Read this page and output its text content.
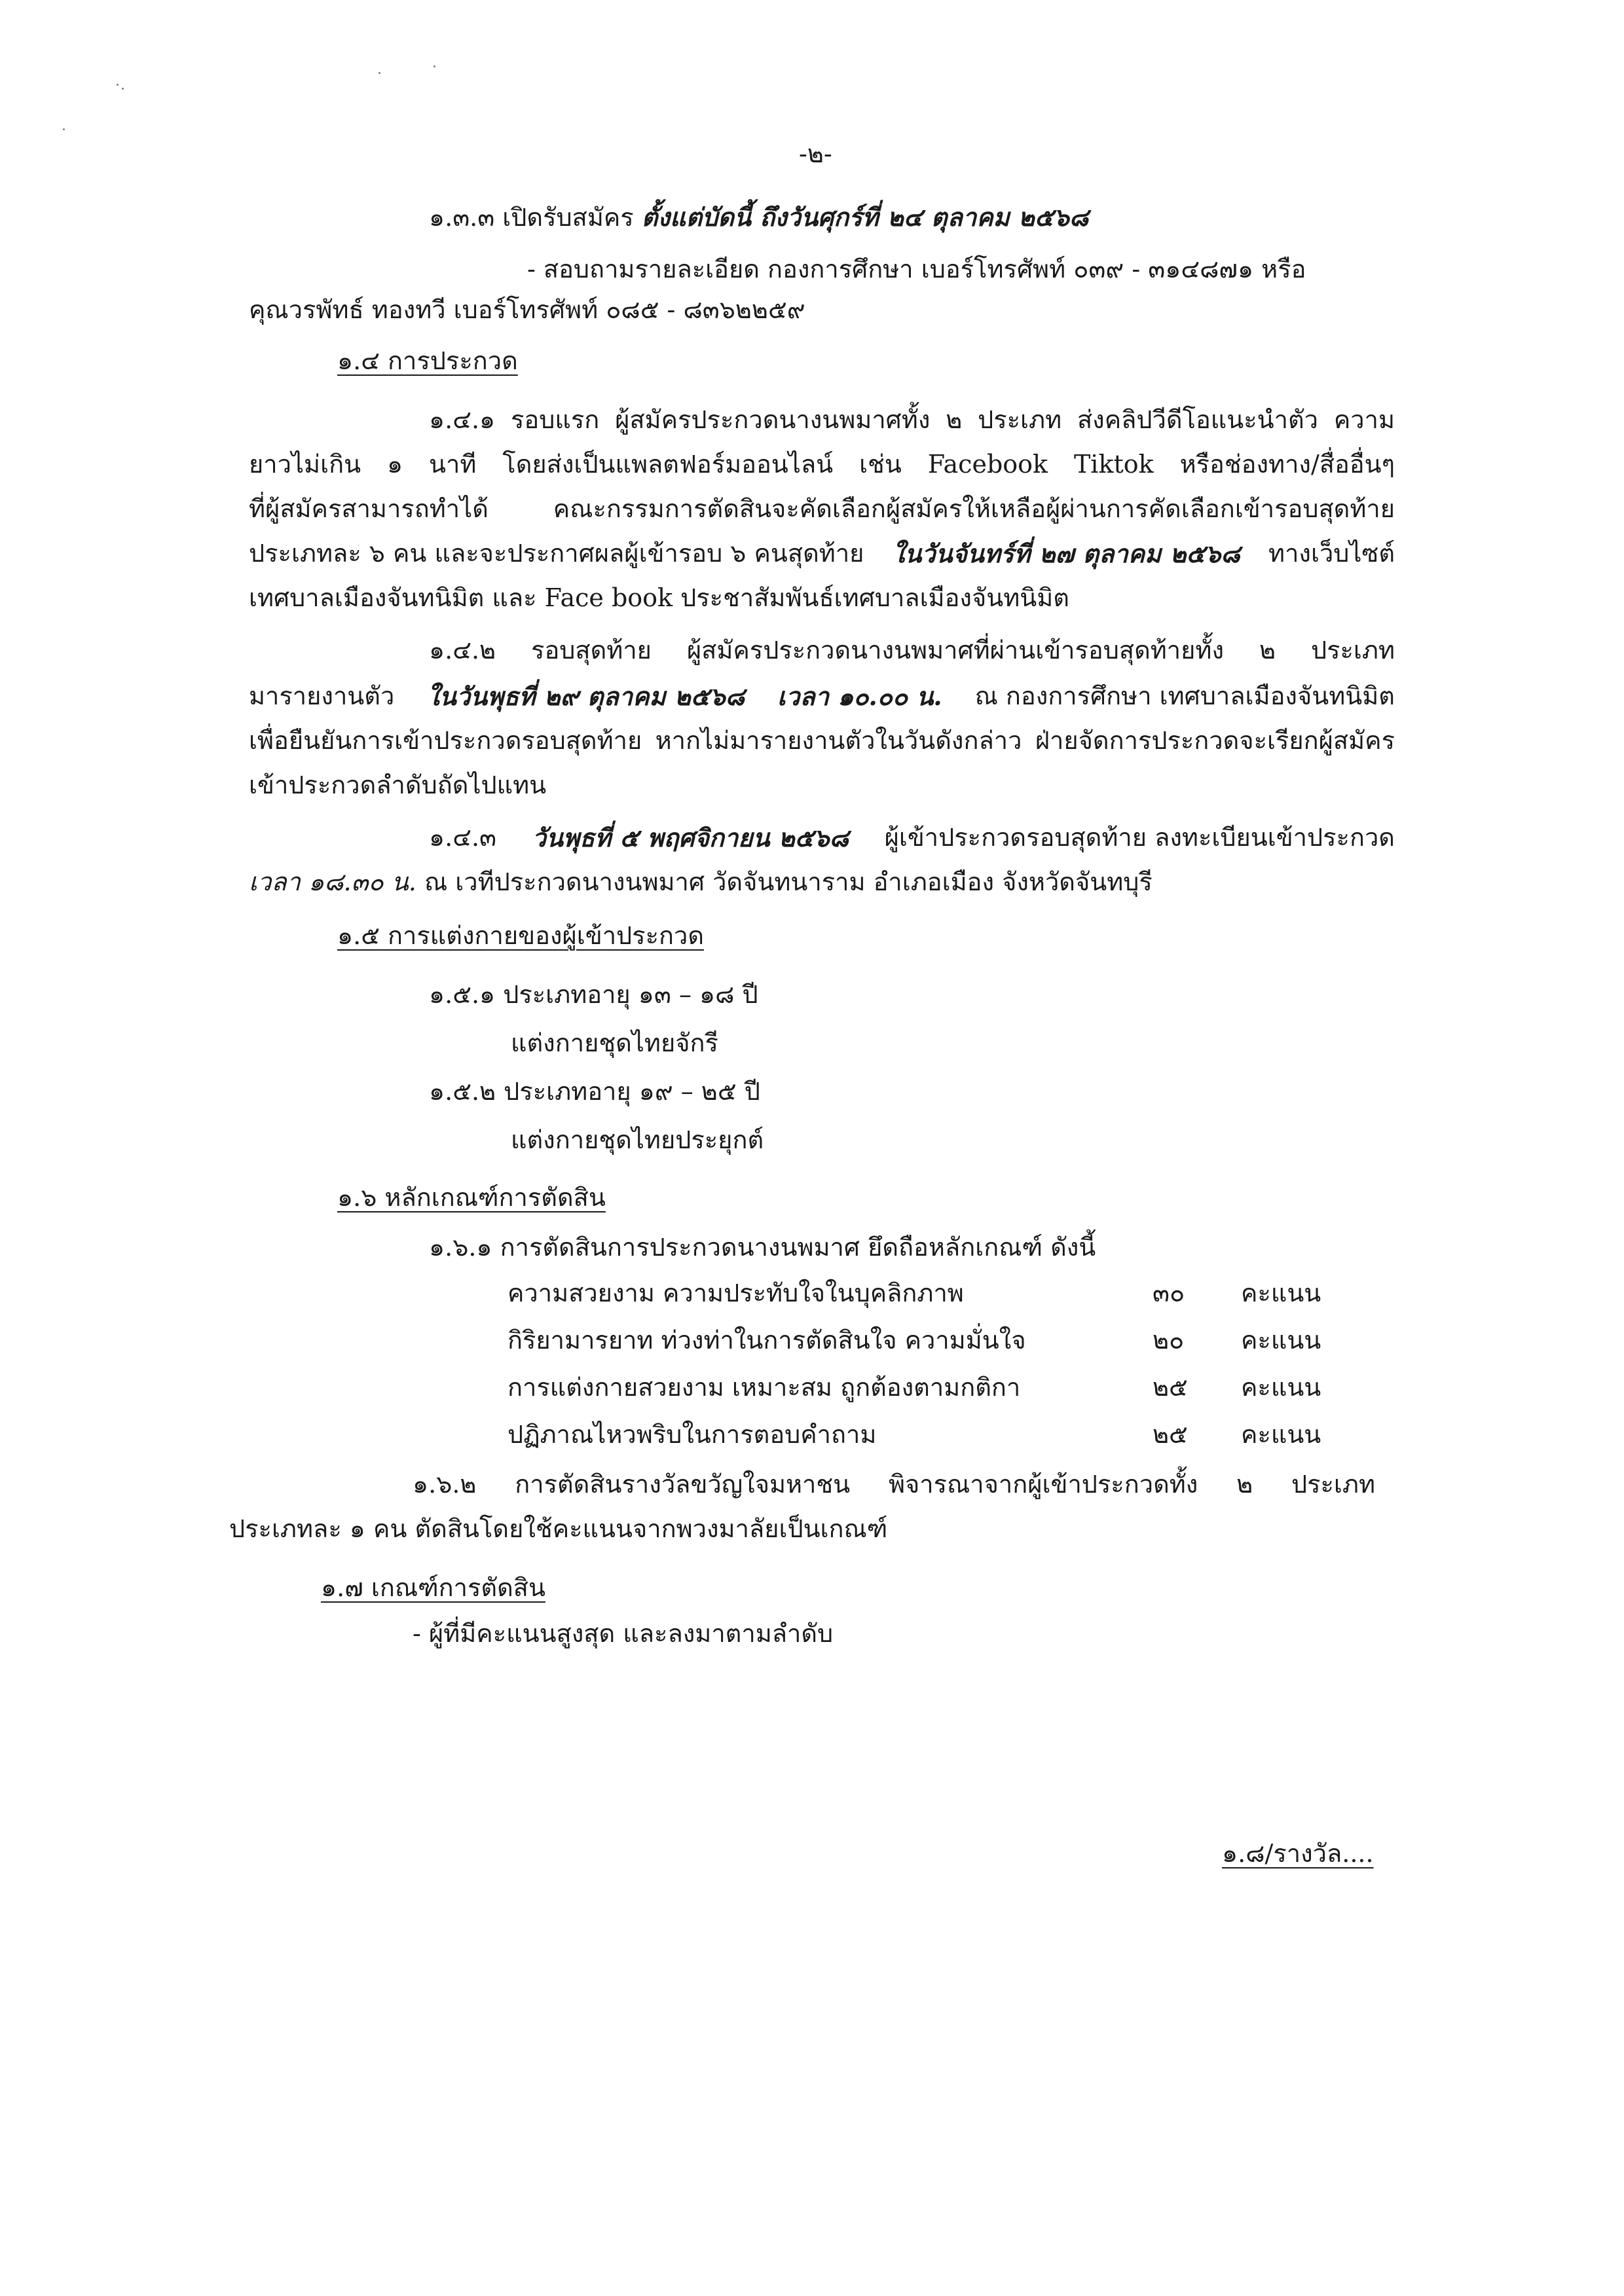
-๒-
๑.๓.๓ เปิดรับสมัคร ตั้งแต่บัดนี้ ถึงวันศุกร์ที่ ๒๔ ตุลาคม ๒๕๖๘
- สอบถามรายละเอียด กองการศึกษา เบอร์โทรศัพท์ ๐๓๙ - ๓๑๔๘๗๑ หรือ
คุณวรพัทธ์ ทองทวี เบอร์โทรศัพท์ ๐๘๕ - ๘๓๖๒๒๕๙
๑.๔ การประกวด
๑.๔.๑ รอบแรก ผู้สมัครประกวดนางนพมาศทั้ง ๒ ประเภท ส่งคลิปวีดีโอแนะนำตัว ความ
ยาวไม่เกิน ๑ นาที โดยส่งเป็นแพลตฟอร์มออนไลน์ เช่น Facebook Tiktok หรือช่องทาง/สื่ออื่นๆ
ที่ผู้สมัครสามารถทำได้ คณะกรรมการตัดสินจะคัดเลือกผู้สมัครให้เหลือผู้ผ่านการคัดเลือกเข้ารอบสุดท้าย
ประเภทละ ๖ คน และจะประกาศผลผู้เข้ารอบ ๖ คนสุดท้าย ในวันจันทร์ที่ ๒๗ ตุลาคม ๒๕๖๘ ทางเว็บไซต์
เทศบาลเมืองจันทนิมิต และ Face book ประชาสัมพันธ์เทศบาลเมืองจันทนิมิต
๑.๔.๒ รอบสุดท้าย ผู้สมัครประกวดนางนพมาศที่ผ่านเข้ารอบสุดท้ายทั้ง ๒ ประเภท
มารายงานตัว ในวันพุธที่ ๒๙ ตุลาคม ๒๕๖๘ เวลา ๑๐.๐๐ น. ณ กองการศึกษา เทศบาลเมืองจันทนิมิต
เพื่อยืนยันการเข้าประกวดรอบสุดท้าย หากไม่มารายงานตัวในวันดังกล่าว ฝ่ายจัดการประกวดจะเรียกผู้สมัคร
เข้าประกวดลำดับถัดไปแทน
๑.๔.๓ วันพุธที่ ๕ พฤศจิกายน ๒๕๖๘ ผู้เข้าประกวดรอบสุดท้าย ลงทะเบียนเข้าประกวด
เวลา ๑๘.๓๐ น. ณ เวทีประกวดนางนพมาศ วัดจันทนาราม อำเภอเมือง จังหวัดจันทบุรี
๑.๕ การแต่งกายของผู้เข้าประกวด
๑.๕.๑ ประเภทอายุ ๑๓ – ๑๘ ปี
แต่งกายชุดไทยจักรี
๑.๕.๒ ประเภทอายุ ๑๙ – ๒๕ ปี
แต่งกายชุดไทยประยุกต์
๑.๖ หลักเกณฑ์การตัดสิน
๑.๖.๑ การตัดสินการประกวดนางนพมาศ ยึดถือหลักเกณฑ์ ดังนี้
ความสวยงาม ความประทับใจในบุคลิกภาพ	๓๐ คะแนน
กิริยามารยาท ท่วงท่าในการตัดสินใจ ความมั่นใจ	๒๐ คะแนน
การแต่งกายสวยงาม เหมาะสม ถูกต้องตามกติกา	๒๕ คะแนน
ปฏิภาณไหวพริบในการตอบคำถาม	๒๕ คะแนน
๑.๖.๒ การตัดสินรางวัลขวัญใจมหาชน พิจารณาจากผู้เข้าประกวดทั้ง ๒ ประเภท
ประเภทละ ๑ คน ตัดสินโดยใช้คะแนนจากพวงมาลัยเป็นเกณฑ์
๑.๗ เกณฑ์การตัดสิน
- ผู้ที่มีคะแนนสูงสุด และลงมาตามลำดับ
๑.๘/รางวัล....
